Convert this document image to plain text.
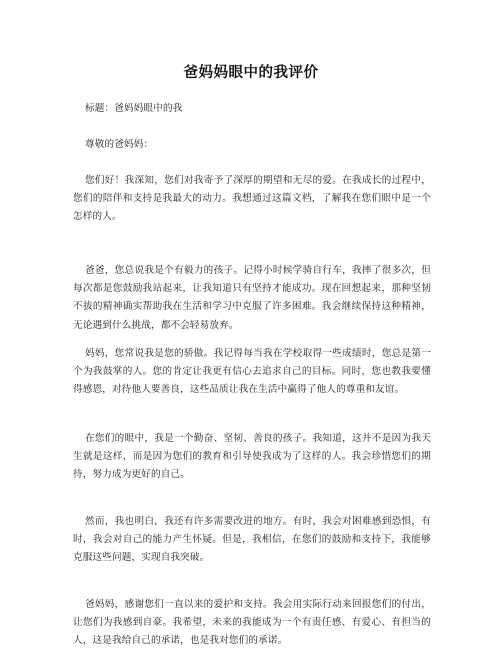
爸妈妈眼中的我评价

标题：爸妈妈眼中的我

尊敬的爸妈妈：

您们好！我深知，您们对我寄予了深厚的期望和无尽的爱。在我成长的过程中，您们的陪伴和支持是我最大的动力。我想通过这篇文档，了解我在您们眼中是一个怎样的人。

爸爸，您总说我是个有毅力的孩子。记得小时候学骑自行车，我摔了很多次，但每次都是您鼓励我站起来，让我知道只有坚持才能成功。现在回想起来，那种坚韧不拔的精神确实帮助我在生活和学习中克服了许多困难。我会继续保持这种精神，无论遇到什么挑战，都不会轻易放弃。

妈妈，您常说我是您的骄傲。我记得每当我在学校取得一些成绩时，您总是第一个为我鼓掌的人。您的肯定让我更有信心去追求自己的目标。同时，您也教我要懂得感恩，对待他人要善良，这些品质让我在生活中赢得了他人的尊重和友谊。

在您们的眼中，我是一个勤奋、坚韧、善良的孩子。我知道，这并不是因为我天生就是这样，而是因为您们的教育和引导使我成为了这样的人。我会珍惜您们的期待，努力成为更好的自己。

然而，我也明白，我还有许多需要改进的地方。有时，我会对困难感到恐惧，有时，我会对自己的能力产生怀疑。但是，我相信，在您们的鼓励和支持下，我能够克服这些问题，实现自我突破。

爸妈妈，感谢您们一直以来的爱护和支持。我会用实际行动来回报您们的付出，让您们为我感到自豪。我希望，未来的我能成为一个有责任感、有爱心、有担当的人，这是我给自己的承诺，也是我对您们的承诺。
